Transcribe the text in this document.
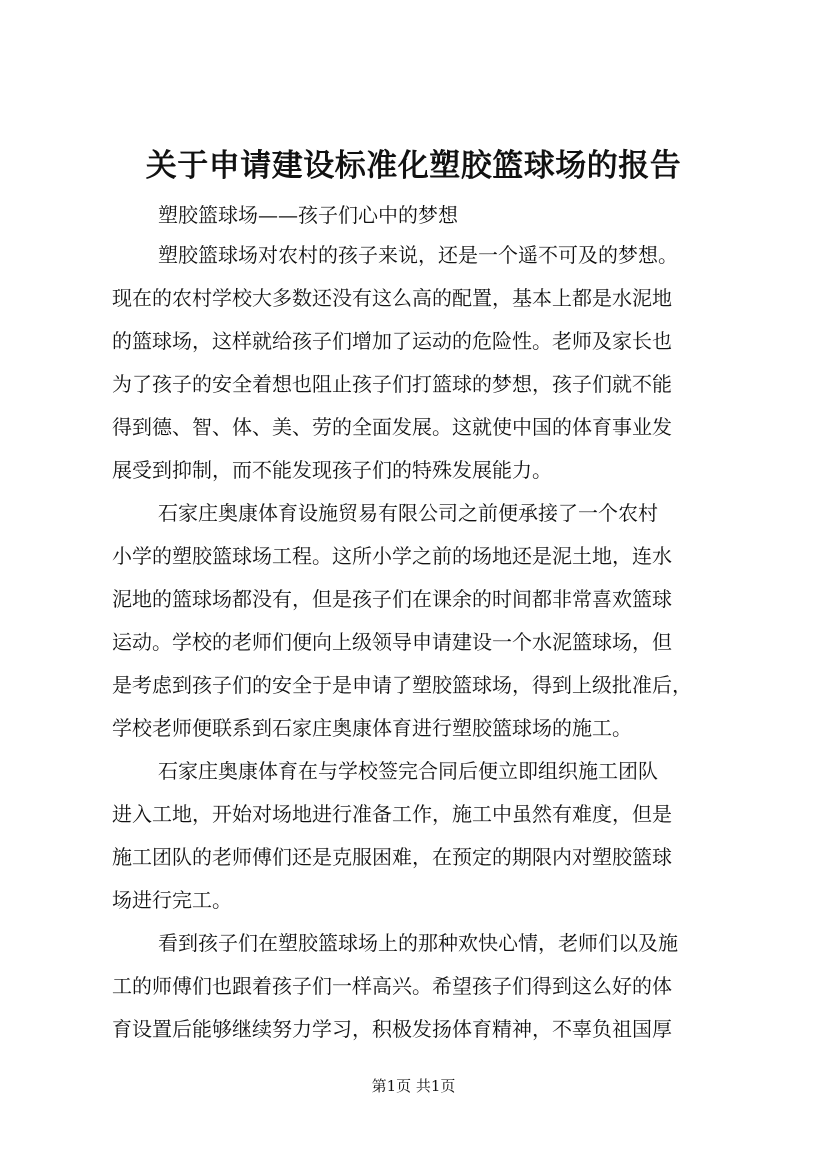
关于申请建设标准化塑胶篮球场的报告
塑胶篮球场——孩子们心中的梦想
塑胶篮球场对农村的孩子来说，还是一个遥不可及的梦想。
现在的农村学校大多数还没有这么高的配置，基本上都是水泥地
的篮球场，这样就给孩子们增加了运动的危险性。老师及家长也
为了孩子的安全着想也阻止孩子们打篮球的梦想，孩子们就不能
得到德、智、体、美、劳的全面发展。这就使中国的体育事业发
展受到抑制，而不能发现孩子们的特殊发展能力。
石家庄奥康体育设施贸易有限公司之前便承接了一个农村
小学的塑胶篮球场工程。这所小学之前的场地还是泥土地，连水
泥地的篮球场都没有，但是孩子们在课余的时间都非常喜欢篮球
运动。学校的老师们便向上级领导申请建设一个水泥篮球场，但
是考虑到孩子们的安全于是申请了塑胶篮球场，得到上级批准后，
学校老师便联系到石家庄奥康体育进行塑胶篮球场的施工。
石家庄奥康体育在与学校签完合同后便立即组织施工团队
进入工地，开始对场地进行准备工作，施工中虽然有难度，但是
施工团队的老师傅们还是克服困难，在预定的期限内对塑胶篮球
场进行完工。
看到孩子们在塑胶篮球场上的那种欢快心情，老师们以及施
工的师傅们也跟着孩子们一样高兴。希望孩子们得到这么好的体
育设置后能够继续努力学习，积极发扬体育精神，不辜负祖国厚
第1页 共1页
